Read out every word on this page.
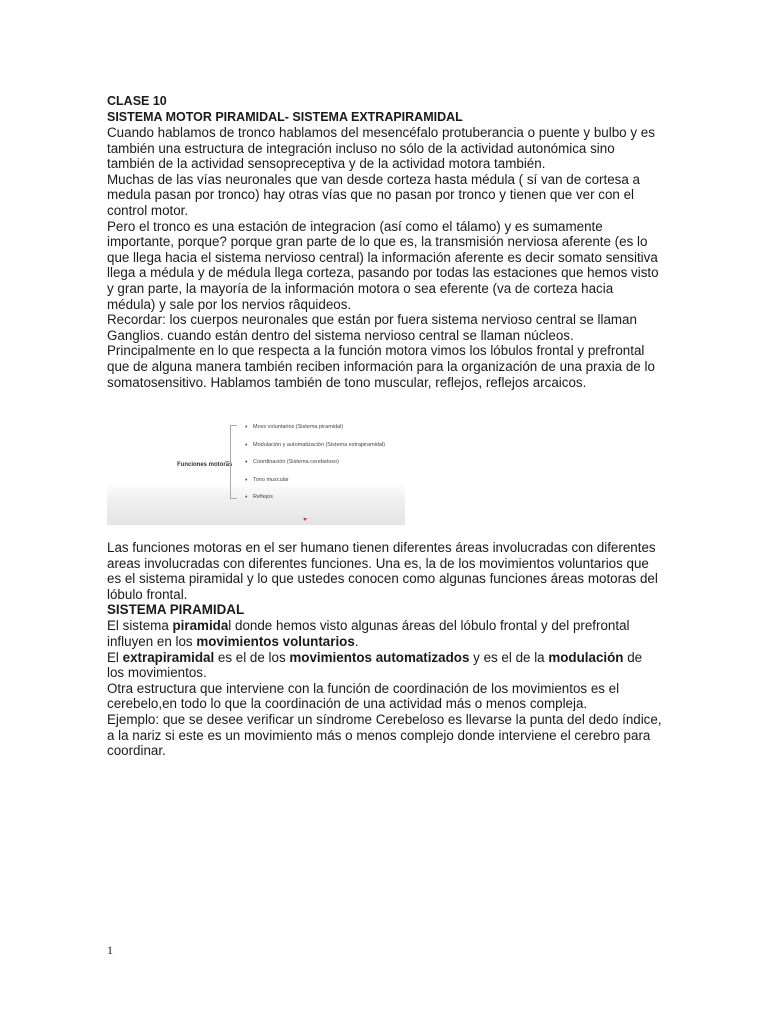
CLASE 10

SISTEMA MOTOR PIRAMIDAL- SISTEMA EXTRAPIRAMIDAL

Cuando hablamos de tronco hablamos del mesencéfalo protuberancia o puente y bulbo y es también una estructura de integración incluso no sólo de la actividad autonómica sino también de la actividad sensopreceptiva y de la actividad motora también.

Muchas de las vías neuronales que van desde corteza hasta médula ( sí van de cortesa a medula pasan por tronco) hay otras vías que no pasan por tronco y tienen que ver con el control motor.

Pero el tronco es una estación de integracion (así como el tálamo) y es sumamente importante, porque? porque gran parte de lo que es, la transmisión nerviosa aferente (es lo que llega hacia el sistema nervioso central) la información aferente es decir somato sensitiva llega a médula y de médula llega corteza, pasando por todas las estaciones que hemos visto y gran parte, la mayoría de la información motora o sea eferente (va de corteza hacia médula) y sale por los nervios râquideos.

Recordar: los cuerpos neuronales que están por fuera sistema nervioso central se llaman Ganglios. cuando están dentro del sistema nervioso central se llaman núcleos.

Principalmente en lo que respecta a la función motora vimos los lóbulos frontal y prefrontal que de alguna manera también reciben información para la organización de una praxia de lo somatosensitivo. Hablamos también de tono muscular, reflejos, reflejos arcaicos.

Funciones motoras
• Movs voluntarios (Sistema piramidal)
• Modulación y automatización (Sistema extrapiramidal)
• Coordinación (Sistema cerebeloso)
• Tono muscular
• Reflejos

Las funciones motoras en el ser humano tienen diferentes áreas involucradas con diferentes areas involucradas con diferentes funciones. Una es, la de los movimientos voluntarios que es el sistema piramidal y lo que ustedes conocen como algunas funciones áreas motoras del lóbulo frontal.

SISTEMA PIRAMIDAL

El sistema piramidal donde hemos visto algunas áreas del lóbulo frontal y del prefrontal influyen en los movimientos voluntarios.

El extrapiramidal es el de los movimientos automatizados y es el de la modulación de los movimientos.

Otra estructura que interviene con la función de coordinación de los movimientos es el cerebelo,en todo lo que la coordinación de una actividad más o menos compleja.

Ejemplo: que se desee verificar un síndrome Cerebeloso es llevarse la punta del dedo índice, a la nariz si este es un movimiento más o menos complejo donde interviene el cerebro para coordinar.

1
